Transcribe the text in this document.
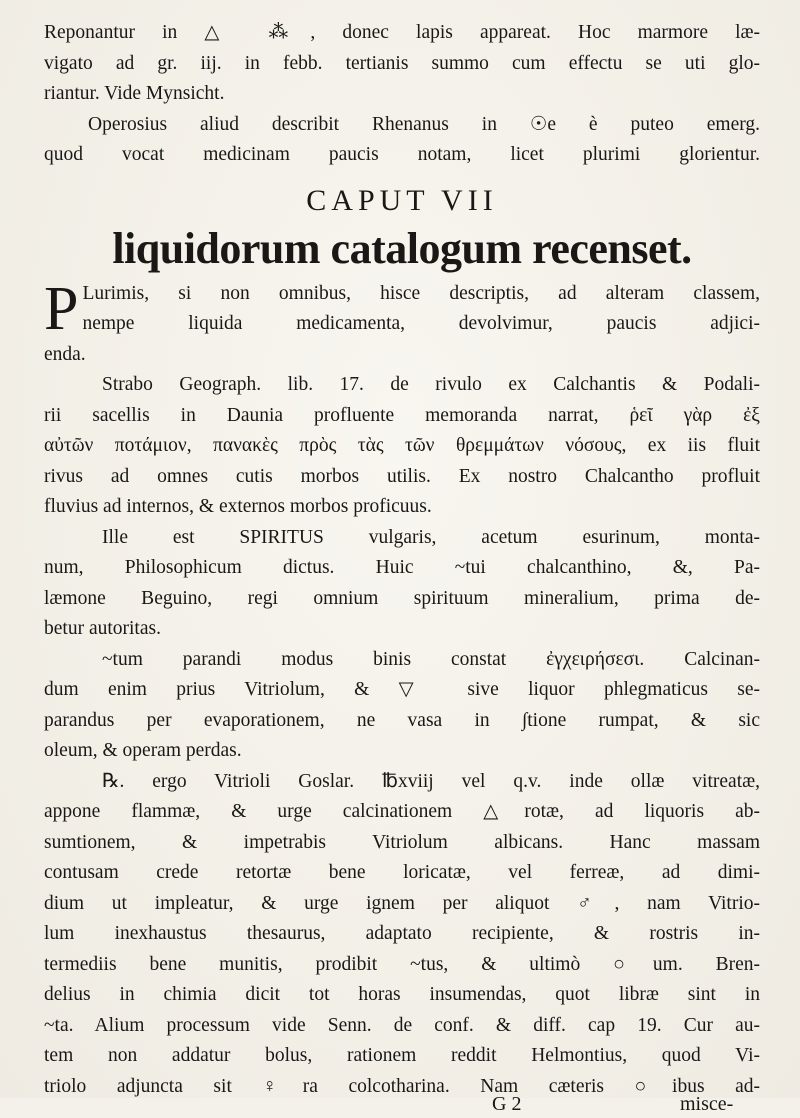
Reponantur in △ ⁂, donec lapis appareat. Hoc marmore læ-
vigato ad gr. iij. in febb. tertianis summo cum effectu se uti glo-
riantur. Vide Mynsicht.
Operosius aliud describit Rhenanus in ☉e è puteo emerg.
quod vocat medicinam paucis notam, licet plurimi glorientur.
CAPUT VII
liquidorum catalogum recenset.
P Lurimis, si non omnibus, hisce descriptis, ad alteram classem,
nempe liquida medicamenta, devolvimur, paucis adjici-
enda.
Strabo Geograph. lib. 17. de rivulo ex Calchantis & Podali-
rii sacellis in Daunia profluente memoranda narrat, ῥεῖ γὰρ ἐξ
αὐτῶν ποτάμιον, πανακὲς πρὸς τὰς τῶν θρεμμάτων νόσους, ex iis fluit
rivus ad omnes cutis morbos utilis. Ex nostro Chalcantho profluit
fluvius ad internos, & externos morbos proficuus.
Ille est SPIRITUS vulgaris, acetum esurinum, monta-
num, Philosophicum dictus. Huic ~tui chalcanthino, &, Pa-
læmone Beguino, regi omnium spirituum mineralium, prima de-
betur autoritas.
~tum parandi modus binis constat ἐγχειρήσεσι. Calcinan-
dum enim prius Vitriolum, & ▽ sive liquor phlegmaticus se-
parandus per evaporationem, ne vasa in ∫tione rumpat, & sic
oleum, & operam perdas.
℞. ergo Vitrioli Goslar. ℔xviij vel q.v. inde ollæ vitreatæ,
appone flammæ, & urge calcinationem △rotæ, ad liquoris ab-
sumtionem, & impetrabis Vitriolum albicans. Hanc massam
contusam crede retortæ bene loricatæ, vel ferreæ, ad dimi-
dium ut impleatur, & urge ignem per aliquot ♂, nam Vitrio-
lum inexhaustus thesaurus, adaptato recipiente, & rostris in-
termediis bene munitis, prodibit ~tus, & ultimò ○um. Bren-
delius in chimia dicit tot horas insumendas, quot libræ sint in
~ta. Alium processum vide Senn. de conf. & diff. cap 19. Cur au-
tem non addatur bolus, rationem reddit Helmontius, quod Vi-
triolo adjuncta sit ♀ra colcotharina. Nam cæteris ○ibus ad-
G 2	misce-
